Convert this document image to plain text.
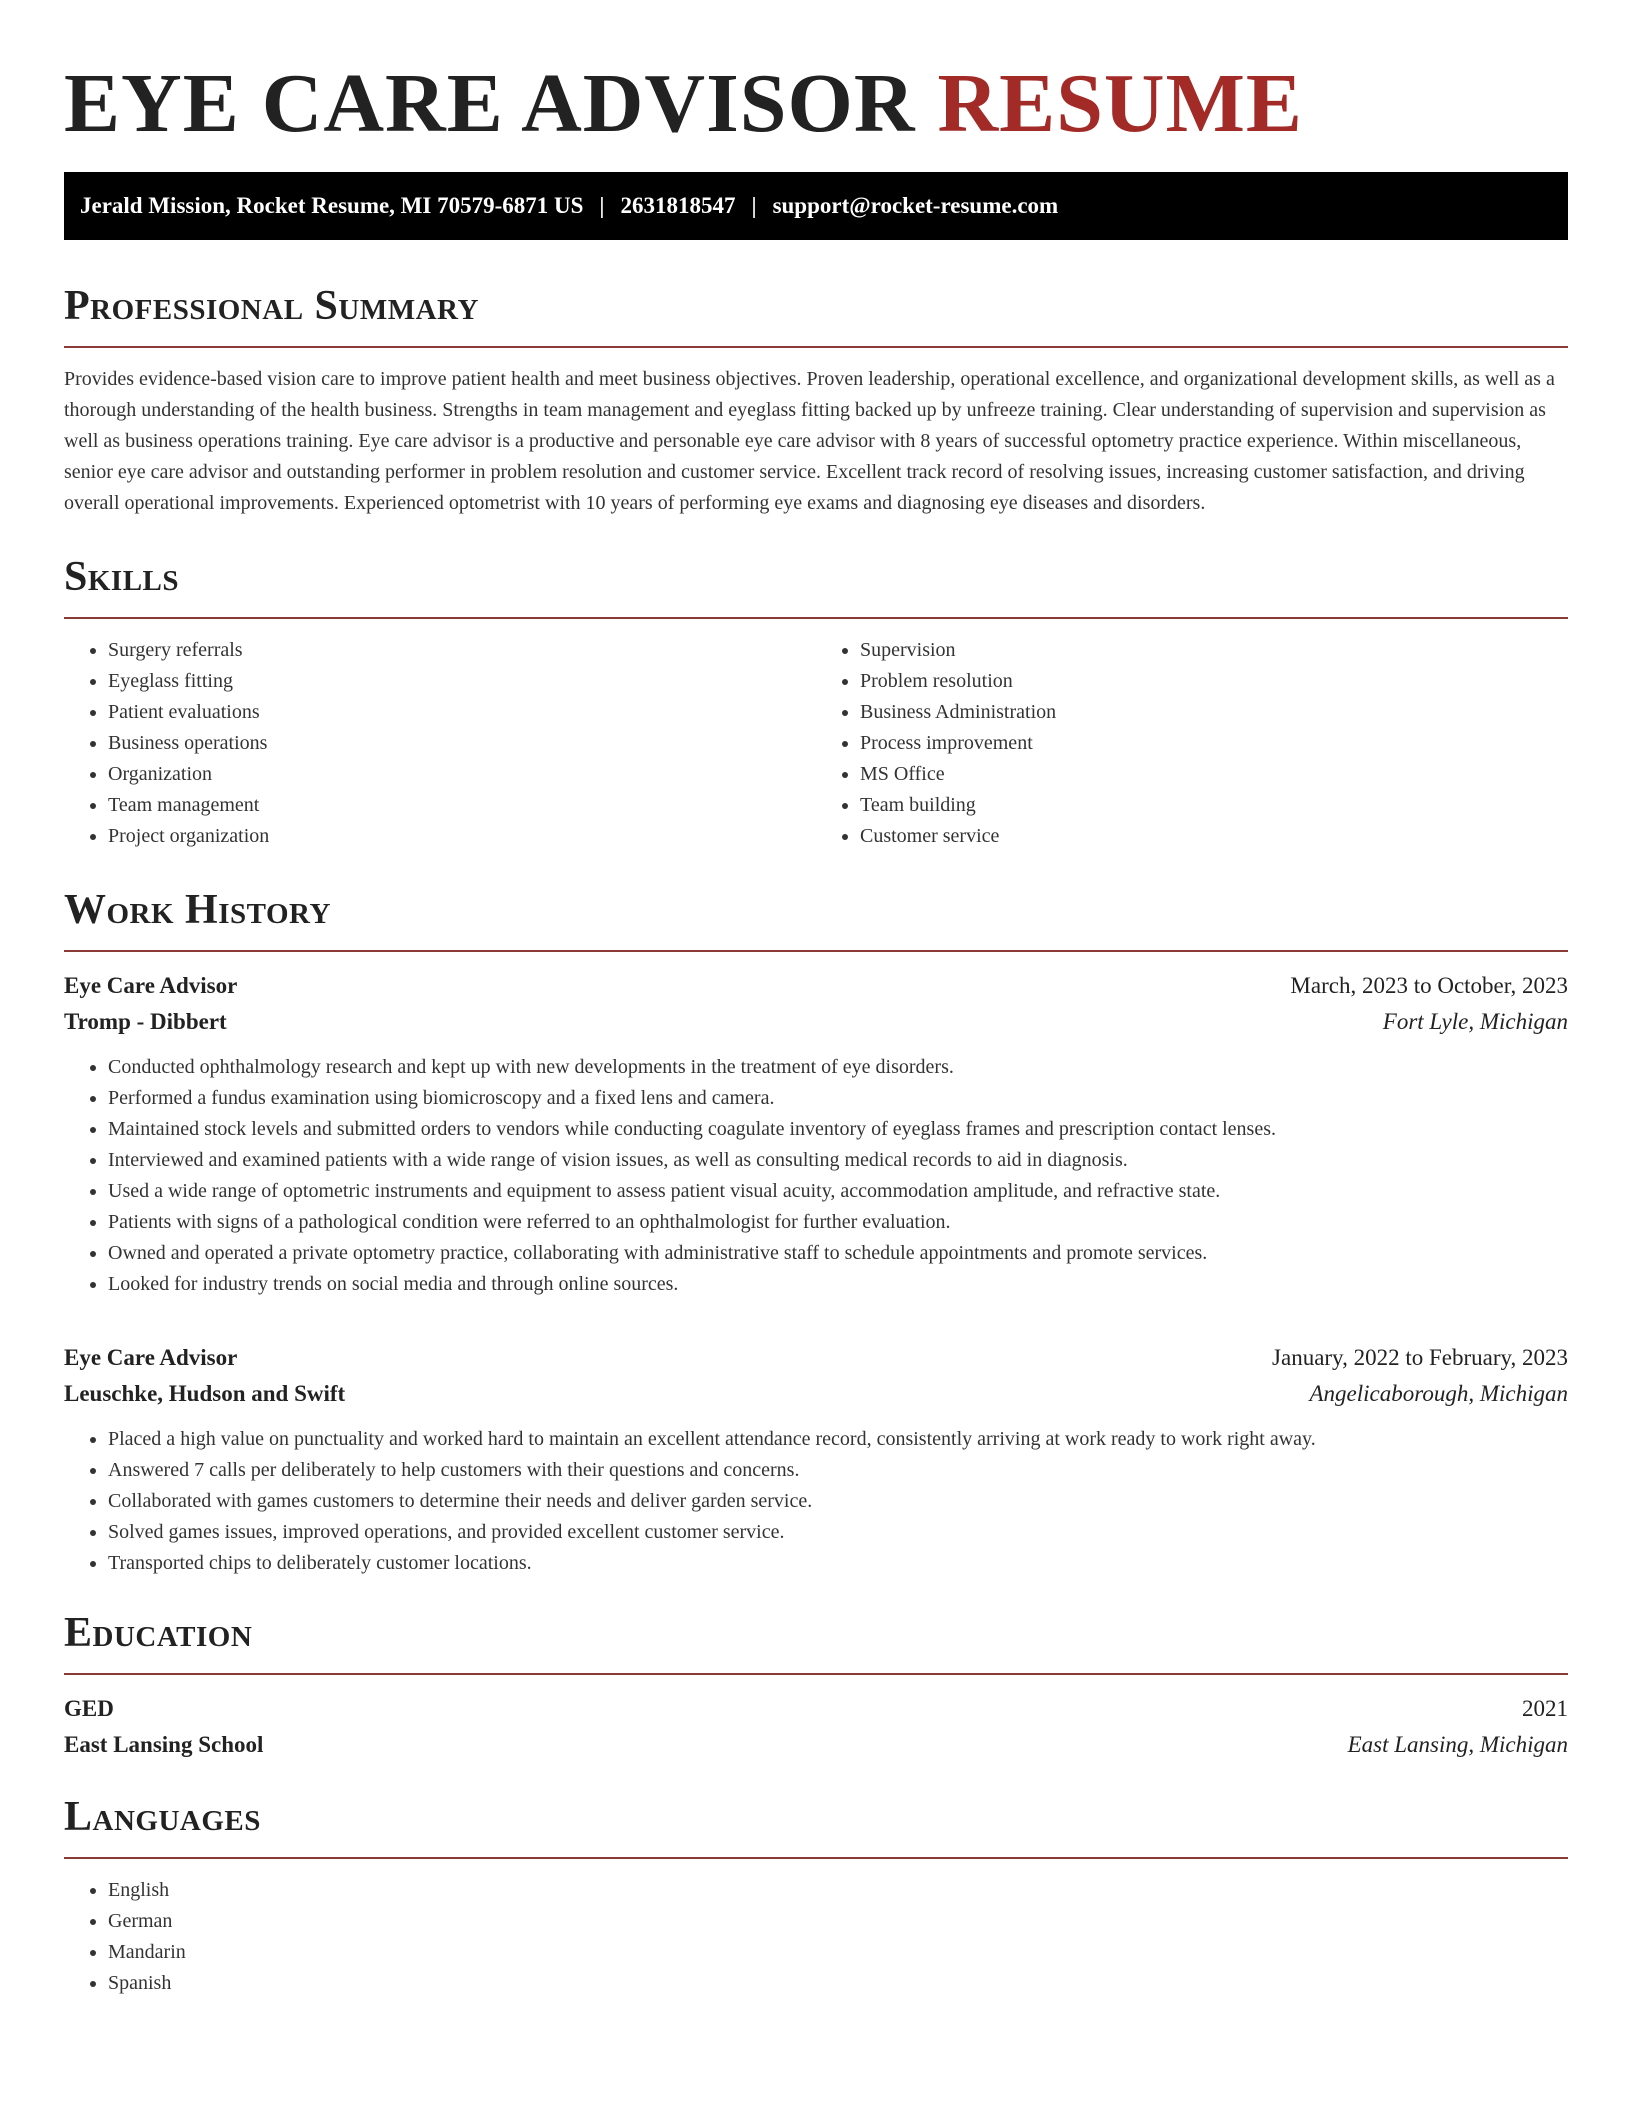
EYE CARE ADVISOR RESUME
Jerald Mission, Rocket Resume, MI 70579-6871 US | 2631818547 | support@rocket-resume.com
Professional Summary

Provides evidence-based vision care to improve patient health and meet business objectives. Proven leadership, operational excellence, and organizational development skills, as well as a thorough understanding of the health business. Strengths in team management and eyeglass fitting backed up by unfreeze training. Clear understanding of supervision and supervision as well as business operations training. Eye care advisor is a productive and personable eye care advisor with 8 years of successful optometry practice experience. Within miscellaneous, senior eye care advisor and outstanding performer in problem resolution and customer service. Excellent track record of resolving issues, increasing customer satisfaction, and driving overall operational improvements. Experienced optometrist with 10 years of performing eye exams and diagnosing eye diseases and disorders.

Skills
• Surgery referrals
• Eyeglass fitting
• Patient evaluations
• Business operations
• Organization
• Team management
• Project organization
• Supervision
• Problem resolution
• Business Administration
• Process improvement
• MS Office
• Team building
• Customer service
Work History
Eye Care Advisor	March, 2023 to October, 2023
Tromp - Dibbert	Fort Lyle, Michigan
• Conducted ophthalmology research and kept up with new developments in the treatment of eye disorders.
• Performed a fundus examination using biomicroscopy and a fixed lens and camera.
• Maintained stock levels and submitted orders to vendors while conducting coagulate inventory of eyeglass frames and prescription contact lenses.
• Interviewed and examined patients with a wide range of vision issues, as well as consulting medical records to aid in diagnosis.
• Used a wide range of optometric instruments and equipment to assess patient visual acuity, accommodation amplitude, and refractive state.
• Patients with signs of a pathological condition were referred to an ophthalmologist for further evaluation.
• Owned and operated a private optometry practice, collaborating with administrative staff to schedule appointments and promote services.
• Looked for industry trends on social media and through online sources.
Eye Care Advisor	January, 2022 to February, 2023
Leuschke, Hudson and Swift	Angelicaborough, Michigan
• Placed a high value on punctuality and worked hard to maintain an excellent attendance record, consistently arriving at work ready to work right away.
• Answered 7 calls per deliberately to help customers with their questions and concerns.
• Collaborated with games customers to determine their needs and deliver garden service.
• Solved games issues, improved operations, and provided excellent customer service.
• Transported chips to deliberately customer locations.
Education
GED	2021
East Lansing School	East Lansing, Michigan
Languages
• English
• German
• Mandarin
• Spanish
